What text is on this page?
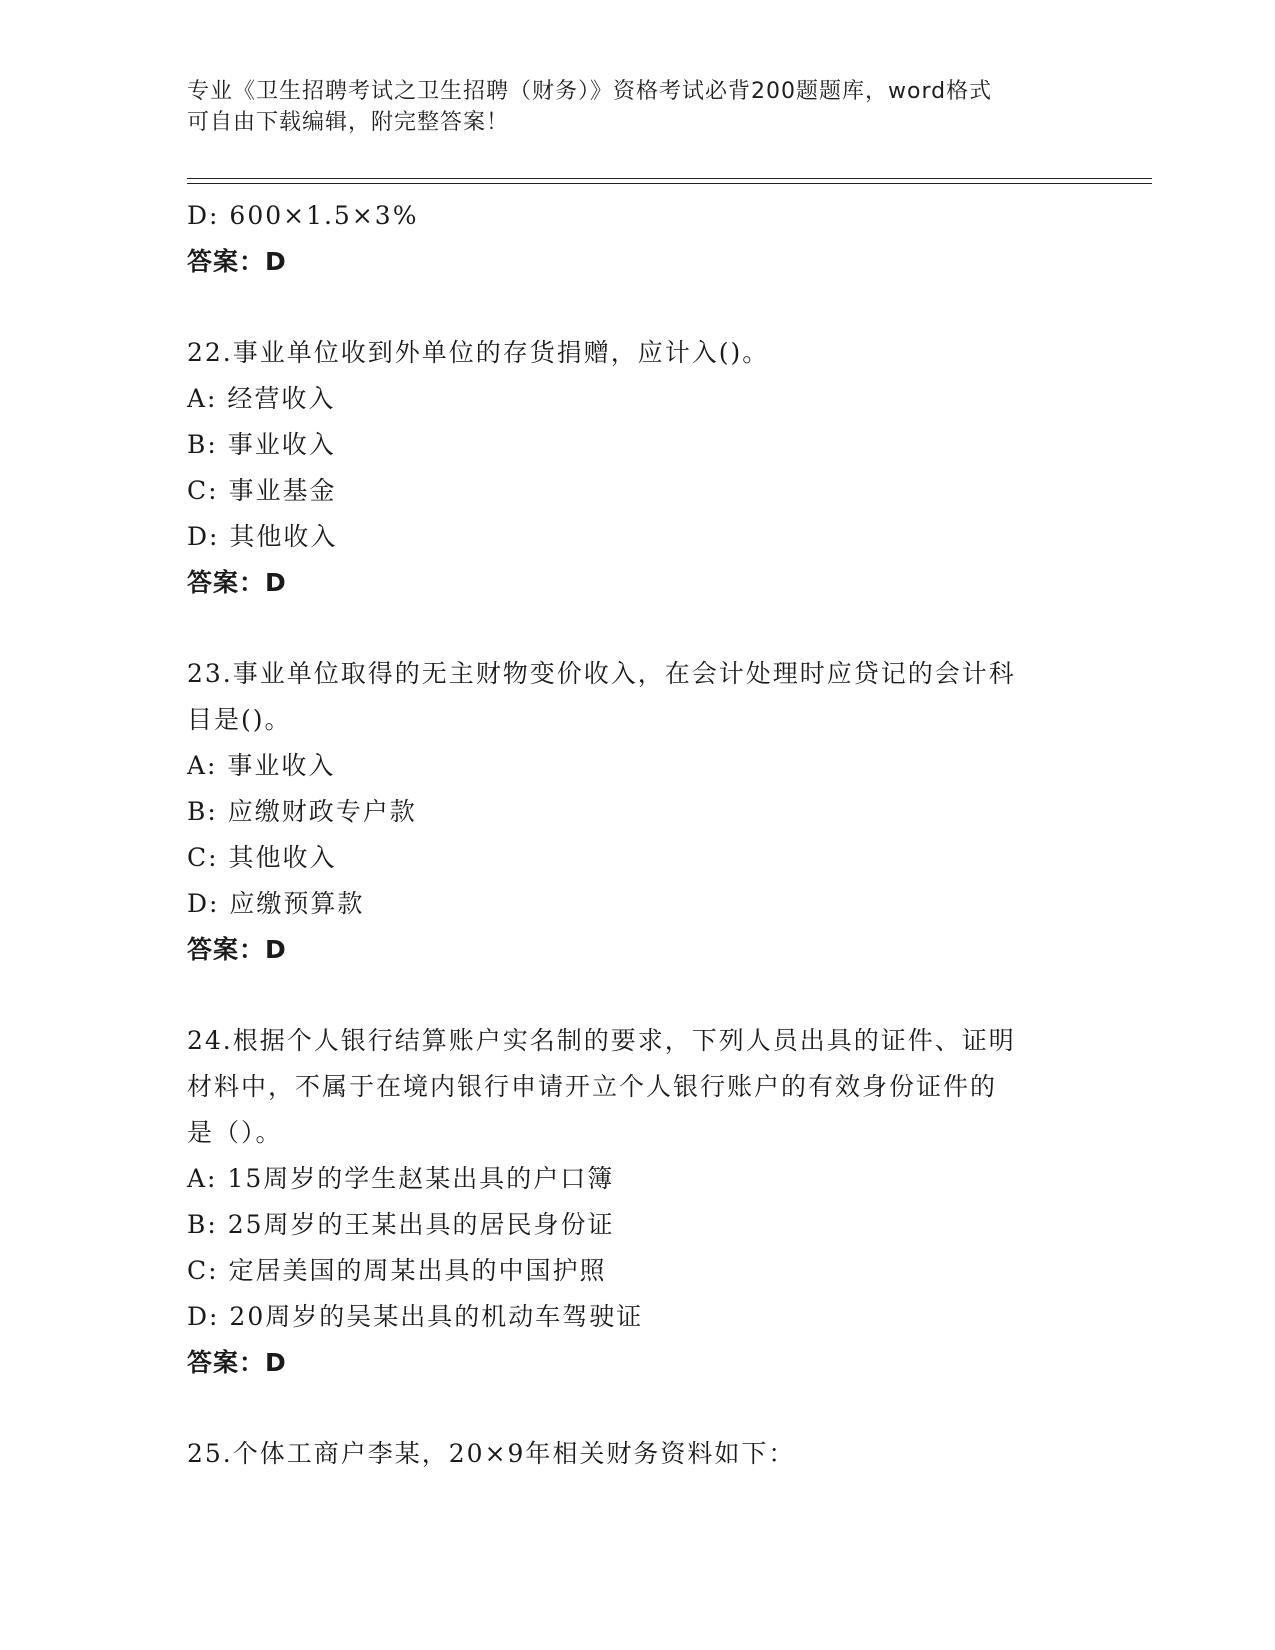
专业《卫生招聘考试之卫生招聘（财务）》资格考试必背200题题库，word格式
可自由下载编辑，附完整答案！
D: 600×1.5×3%
答案：D
22.事业单位收到外单位的存货捐赠，应计入()。
A: 经营收入
B: 事业收入
C: 事业基金
D: 其他收入
答案：D
23.事业单位取得的无主财物变价收入，在会计处理时应贷记的会计科
目是()。
A: 事业收入
B: 应缴财政专户款
C: 其他收入
D: 应缴预算款
答案：D
24.根据个人银行结算账户实名制的要求，下列人员出具的证件、证明
材料中，不属于在境内银行申请开立个人银行账户的有效身份证件的
是（）。
A: 15周岁的学生赵某出具的户口簿
B: 25周岁的王某出具的居民身份证
C: 定居美国的周某出具的中国护照
D: 20周岁的吴某出具的机动车驾驶证
答案：D
25.个体工商户李某，20×9年相关财务资料如下：
